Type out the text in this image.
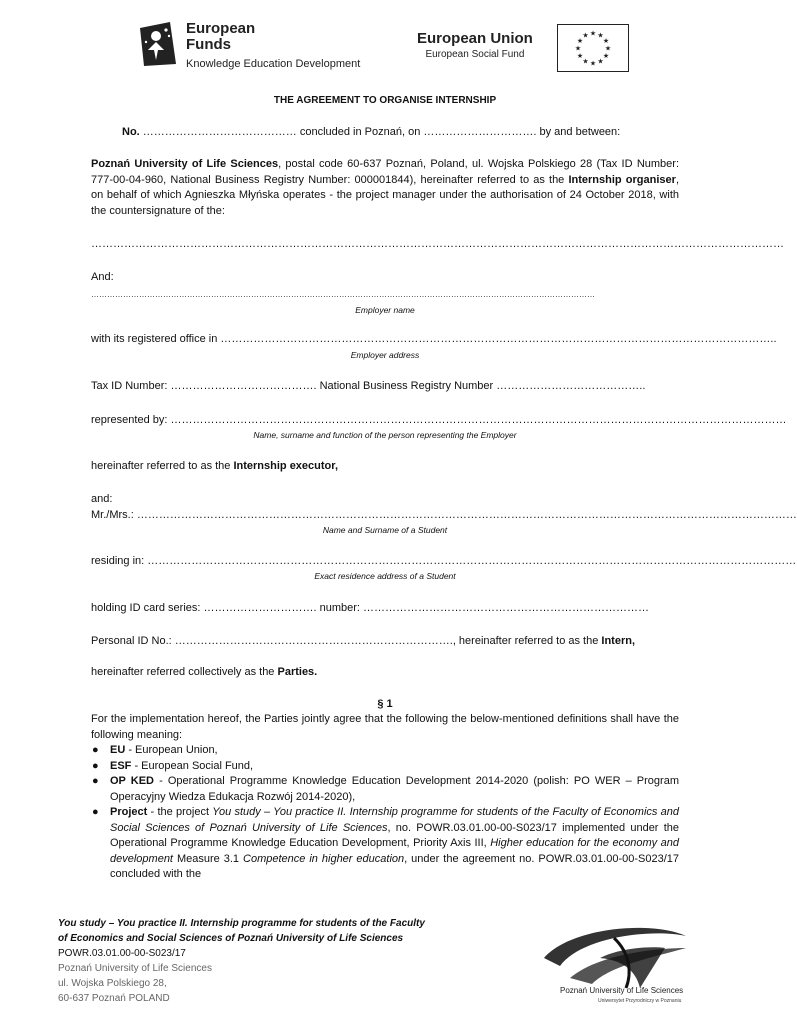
European
Funds
Knowledge Education Development
European Union
European Social Fund	★
★
★
★
★
★
★
★
★ ★ ★
★
THE AGREEMENT TO ORGANISE INTERNSHIP
No. …………………………………… concluded in Poznań, on …………………………. by and between:
Poznań University of Life Sciences, postal code 60-637 Poznań, Poland, ul. Wojska Polskiego 28 (Tax ID Number: 777-00-04-960, National Business Registry Number: 000001844), hereinafter referred to as the Internship organiser, on behalf of which Agnieszka Młyńska operates - the project manager under the authorisation of 24 October 2018, with the countersignature of the:
………………………………………………………………………………………………………………………………………………………………………
And:
………………………………………………………………………………………………………………………………………………………………………
Employer name
with its registered office in ……………………………………………………………………………………………………………………………………..
Employer address
Tax ID Number: …………………………………. National Business Registry Number …………………………………..
represented by: ……………………………………………………………………………………………………………………………………………………
Name, surname and function of the person representing the Employer
hereinafter referred to as the Internship executor,
and:
Mr./Mrs.: ………………………………………………………………………………………………………………………………………………………………
Name and Surname of a Student
residing in: ……………………………………………………………………………………………………………………………………………………………
Exact residence address of a Student
holding ID card series: …………………………. number: ……………………………………………………………………
Personal ID No.: …………………………………………………………………., hereinafter referred to as the Intern,
hereinafter referred collectively as the Parties.
§ 1
For the implementation hereof, the Parties jointly agree that the following the below-mentioned definitions shall have the following meaning:
● EU - European Union,
● ESF - European Social Fund,
● OP KED - Operational Programme Knowledge Education Development 2014-2020 (polish: PO WER – Program Operacyjny Wiedza Edukacja Rozwój 2014-2020),
● Project - the project You study – You practice II. Internship programme for students of the Faculty of Economics and Social Sciences of Poznań University of Life Sciences, no. POWR.03.01.00-00-S023/17 implemented under the Operational Programme Knowledge Education Development, Priority Axis III, Higher education for the economy and development Measure 3.1 Competence in higher education, under the agreement no. POWR.03.01.00-00-S023/17 concluded with the
You study – You practice II. Internship programme for students of the Faculty
of Economics and Social Sciences of Poznań University of Life Sciences
POWR.03.01.00-00-S023/17
Poznań University of Life Sciences
ul. Wojska Polskiego 28,
60-637 Poznań POLAND
Poznań University of Life Sciences
Uniwersytet Przyrodniczy w Poznaniu
